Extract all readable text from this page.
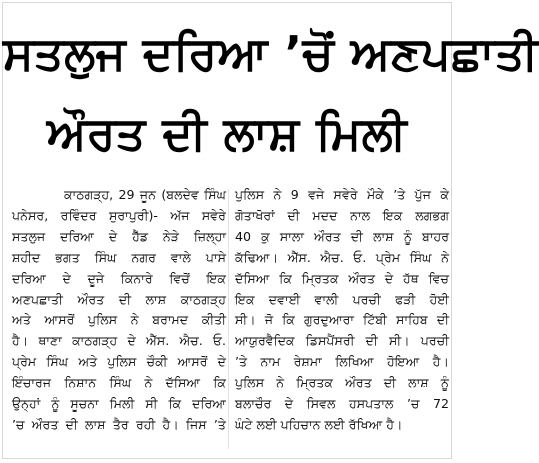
ਸਤਲੁਜ ਦਰਿਆ ’ਚੋਂ ਅਣਪਛਾਤੀ
ਔਰਤ ਦੀ ਲਾਸ਼ ਮਿਲੀ
ਕਾਠਗੜ੍ਹ, 29 ਜੂਨ (ਬਲਦੇਵ ਸਿੰਘ
ਪਨੇਸਰ, ਰਵਿੰਦਰ ਸੁਰਾਪੁਰੀ)- ਅੱਜ ਸਵੇਰੇ
ਸਤਲੁਜ ਦਰਿਆ ਦੇ ਹੈੱਡ ਨੇੜੇ ਜ਼ਿਲ੍ਹਾ
ਸ਼ਹੀਦ ਭਗਤ ਸਿੰਘ ਨਗਰ ਵਾਲੇ ਪਾਸੇ
ਦਰਿਆ ਦੇ ਦੂਜੇ ਕਿਨਾਰੇ ਵਿਚੋਂ ਇਕ
ਅਣਪਛਾਤੀ ਔਰਤ ਦੀ ਲਾਸ਼ ਕਾਠਗੜ੍ਹ
ਅਤੇ ਆਸਰੋਂ ਪੁਲਿਸ ਨੇ ਬਰਾਮਦ ਕੀਤੀ
ਹੈ। ਥਾਣਾ ਕਾਠਗੜ੍ਹ ਦੇ ਐੱਸ. ਐਚ. ਓ.
ਪ੍ਰੇਮ ਸਿੰਘ ਅਤੇ ਪੁਲਿਸ ਚੌਕੀ ਆਸਰੋਂ ਦੇ
ਇੰਚਾਰਜ ਨਿਸ਼ਾਨ ਸਿੰਘ ਨੇ ਦੱਸਿਆ ਕਿ
ਉਨ੍ਹਾਂ ਨੂੰ ਸੂਚਨਾ ਮਿਲੀ ਸੀ ਕਿ ਦਰਿਆ
’ਚ ਔਰਤ ਦੀ ਲਾਸ਼ ਤੈਰ ਰਹੀ ਹੈ। ਜਿਸ ’ਤੇ
ਪੁਲਿਸ ਨੇ 9 ਵਜੇ ਸਵੇਰੇ ਮੌਕੇ ’ਤੇ ਪੁੱਜ ਕੇ
ਗੋਤਾਖੋਰਾਂ ਦੀ ਮਦਦ ਨਾਲ ਇਕ ਲਗਭਗ
40 ਕੁ ਸਾਲਾ ਔਰਤ ਦੀ ਲਾਸ਼ ਨੂੰ ਬਾਹਰ
ਕੱਢਿਆ। ਐੱਸ. ਐਚ. ਓ. ਪ੍ਰੇਮ ਸਿੰਘ ਨੇ
ਦੱਸਿਆ ਕਿ ਮ੍ਰਿਤਕ ਔਰਤ ਦੇ ਹੱਥ ਵਿਚ
ਇਕ ਦਵਾਈ ਵਾਲੀ ਪਰਚੀ ਫੜੀ ਹੋਈ
ਸੀ। ਜੋ ਕਿ ਗੁਰਦੁਆਰਾ ਟਿੱਬੀ ਸਾਹਿਬ ਦੀ
ਆਯੁਰਵੈਦਿਕ ਡਿਸਪੈਂਸਰੀ ਦੀ ਸੀ। ਪਰਚੀ
’ਤੇ ਨਾਮ ਰੇਸ਼ਮਾ ਲਿਖਿਆ ਹੋਇਆ ਹੈ।
ਪੁਲਿਸ ਨੇ ਮ੍ਰਿਤਕ ਔਰਤ ਦੀ ਲਾਸ਼ ਨੂੰ
ਬਲਾਚੌਰ ਦੇ ਸਿਵਲ ਹਸਪਤਾਲ ’ਚ 72
ਘੰਟੇ ਲਈ ਪਹਿਚਾਨ ਲਈ ਰੱਖਿਆ ਹੈ।
